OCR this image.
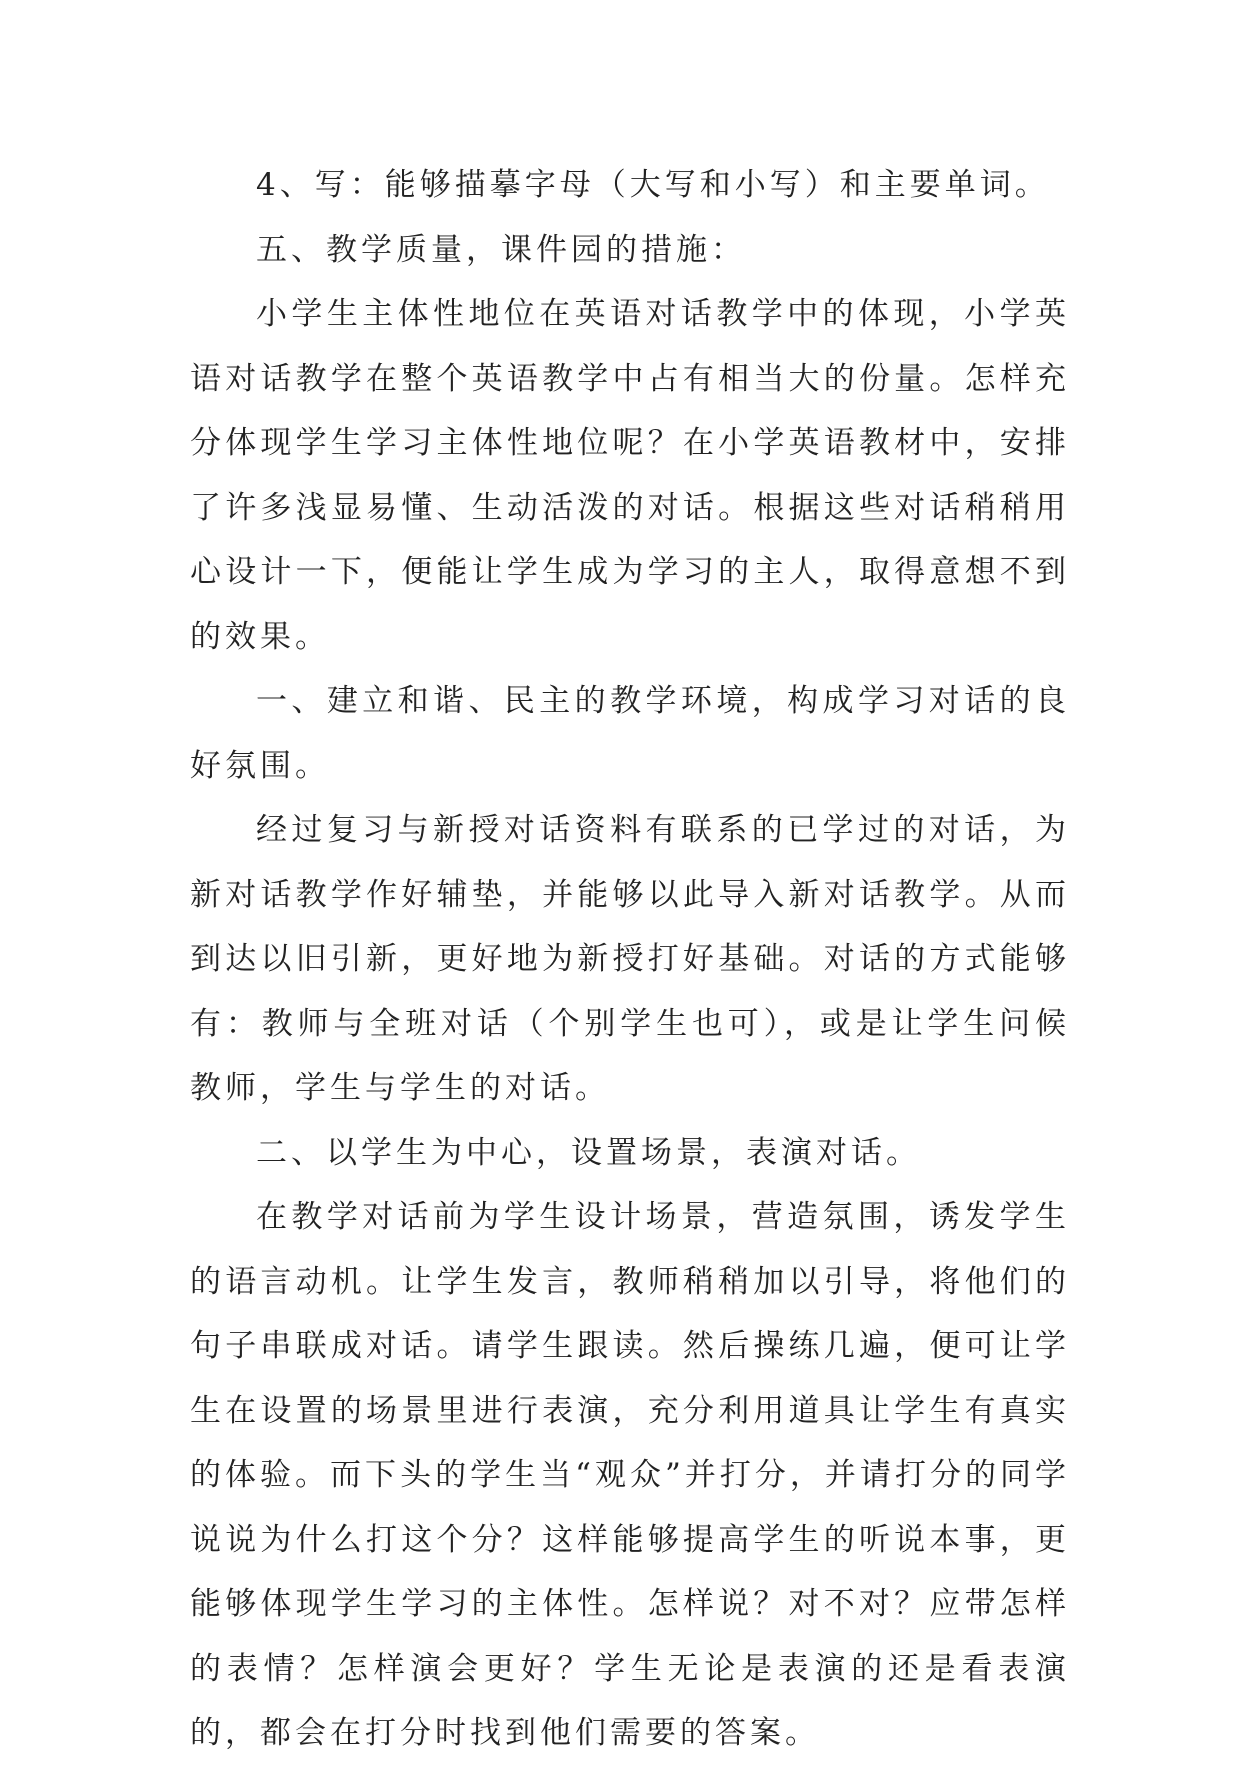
4、写：能够描摹字母（大写和小写）和主要单词。

五、教学质量，课件园的措施：

小学生主体性地位在英语对话教学中的体现，小学英语对话教学在整个英语教学中占有相当大的份量。怎样充分体现学生学习主体性地位呢？在小学英语教材中，安排了许多浅显易懂、生动活泼的对话。根据这些对话稍稍用心设计一下，便能让学生成为学习的主人，取得意想不到的效果。

一、建立和谐、民主的教学环境，构成学习对话的良好氛围。

经过复习与新授对话资料有联系的已学过的对话，为新对话教学作好辅垫，并能够以此导入新对话教学。从而到达以旧引新，更好地为新授打好基础。对话的方式能够有：教师与全班对话（个别学生也可），或是让学生问候教师，学生与学生的对话。

二、以学生为中心，设置场景，表演对话。

在教学对话前为学生设计场景，营造氛围，诱发学生的语言动机。让学生发言，教师稍稍加以引导，将他们的句子串联成对话。请学生跟读。然后操练几遍，便可让学生在设置的场景里进行表演，充分利用道具让学生有真实的体验。而下头的学生当“观众”并打分，并请打分的同学说说为什么打这个分？这样能够提高学生的听说本事，更能够体现学生学习的主体性。怎样说？对不对？应带怎样的表情？怎样演会更好？学生无论是表演的还是看表演的，都会在打分时找到他们需要的答案。
